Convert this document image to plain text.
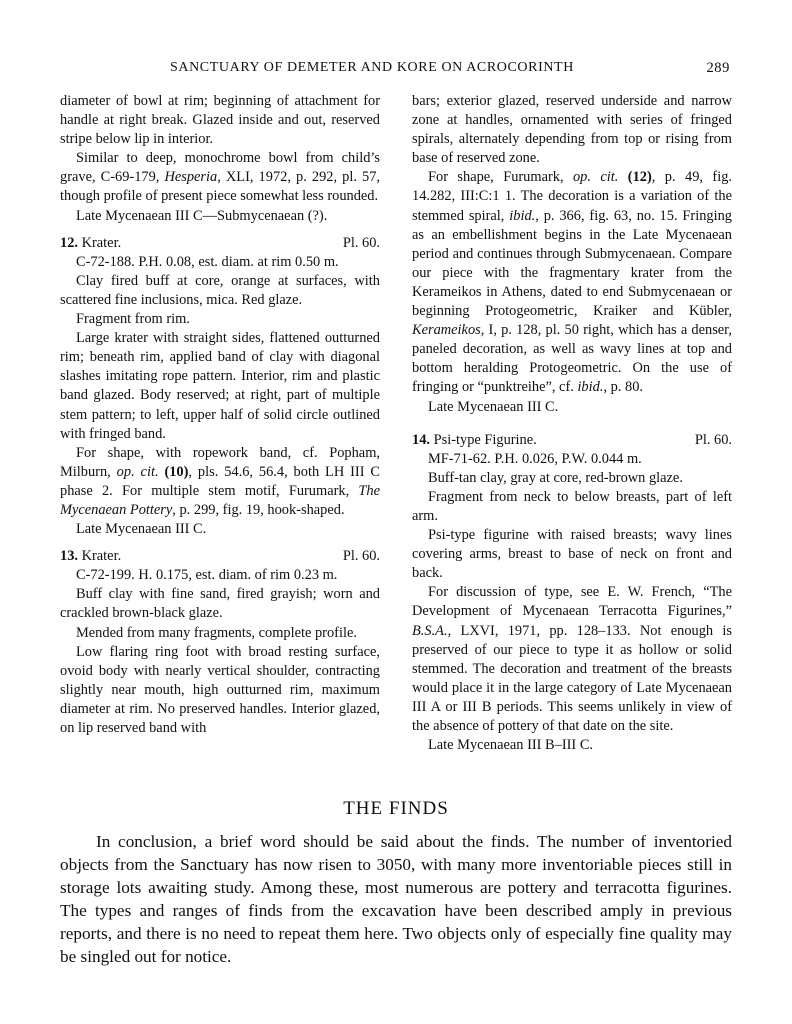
SANCTUARY OF DEMETER AND KORE ON ACROCORINTH	289

diameter of bowl at rim; beginning of attachment for handle at right break. Glazed inside and out, reserved stripe below lip in interior.

Similar to deep, monochrome bowl from child’s grave, C-69-179, Hesperia, XLI, 1972, p. 292, pl. 57, though profile of present piece somewhat less rounded.

Late Mycenaean III C—Submycenaean (?).

12. Krater.	Pl. 60.

C-72-188. P.H. 0.08, est. diam. at rim 0.50 m.

Clay fired buff at core, orange at surfaces, with scattered fine inclusions, mica. Red glaze.

Fragment from rim.

Large krater with straight sides, flattened outturned rim; beneath rim, applied band of clay with diagonal slashes imitating rope pattern. Interior, rim and plastic band glazed. Body reserved; at right, part of multiple stem pattern; to left, upper half of solid circle outlined with fringed band.

For shape, with ropework band, cf. Popham, Milburn, op. cit. (10), pls. 54.6, 56.4, both LH III C phase 2. For multiple stem motif, Furumark, The Mycenaean Pottery, p. 299, fig. 19, hook-shaped.

Late Mycenaean III C.

13. Krater.	Pl. 60.

C-72-199. H. 0.175, est. diam. of rim 0.23 m.

Buff clay with fine sand, fired grayish; worn and crackled brown-black glaze.

Mended from many fragments, complete profile.

Low flaring ring foot with broad resting surface, ovoid body with nearly vertical shoulder, contracting slightly near mouth, high outturned rim, maximum diameter at rim. No preserved handles. Interior glazed, on lip reserved band with

bars; exterior glazed, reserved underside and narrow zone at handles, ornamented with series of fringed spirals, alternately depending from top or rising from base of reserved zone.

For shape, Furumark, op. cit. (12), p. 49, fig. 14.282, III:C:1 1. The decoration is a variation of the stemmed spiral, ibid., p. 366, fig. 63, no. 15. Fringing as an embellishment begins in the Late Mycenaean period and continues through Submycenaean. Compare our piece with the fragmentary krater from the Kerameikos in Athens, dated to end Submycenaean or beginning Protogeometric, Kraiker and Kübler, Kerameikos, I, p. 128, pl. 50 right, which has a denser, paneled decoration, as well as wavy lines at top and bottom heralding Protogeometric. On the use of fringing or “punktreihe”, cf. ibid., p. 80.

Late Mycenaean III C.

14. Psi-type Figurine.	Pl. 60.

MF-71-62. P.H. 0.026, P.W. 0.044 m.

Buff-tan clay, gray at core, red-brown glaze.

Fragment from neck to below breasts, part of left arm.

Psi-type figurine with raised breasts; wavy lines covering arms, breast to base of neck on front and back.

For discussion of type, see E. W. French, “The Development of Mycenaean Terracotta Figurines,” B.S.A., LXVI, 1971, pp. 128–133. Not enough is preserved of our piece to type it as hollow or solid stemmed. The decoration and treatment of the breasts would place it in the large category of Late Mycenaean III A or III B periods. This seems unlikely in view of the absence of pottery of that date on the site.

Late Mycenaean III B–III C.

THE FINDS

In conclusion, a brief word should be said about the finds. The number of inventoried objects from the Sanctuary has now risen to 3050, with many more inventoriable pieces still in storage lots awaiting study. Among these, most numerous are pottery and terracotta figurines. The types and ranges of finds from the excavation have been described amply in previous reports, and there is no need to repeat them here. Two objects only of especially fine quality may be singled out for notice.
